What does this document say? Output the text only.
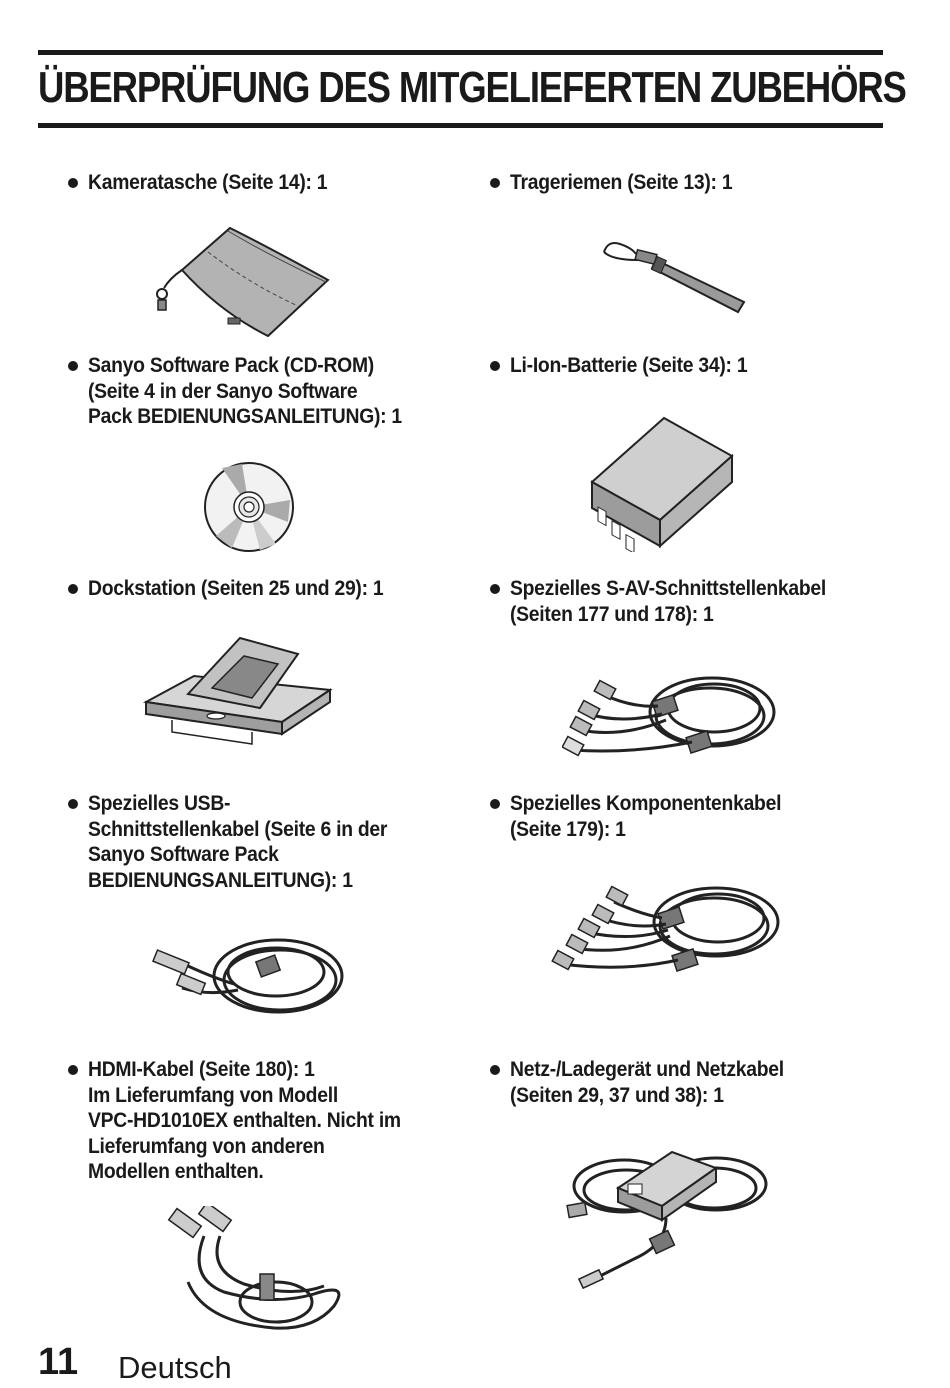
ÜBERPRÜFUNG DES MITGELIEFERTEN ZUBEHÖRS
Kameratasche (Seite 14): 1	Trageriemen (Seite 13): 1
Sanyo Software Pack (CD-ROM)
(Seite 4 in der Sanyo Software
Pack BEDIENUNGSANLEITUNG): 1
Li-Ion-Batterie (Seite 34): 1
Dockstation (Seiten 25 und 29): 1	Spezielles S-AV-Schnittstellenkabel
(Seiten 177 und 178): 1
Spezielles USB-
Schnittstellenkabel (Seite 6 in der
Sanyo Software Pack
BEDIENUNGSANLEITUNG): 1
Spezielles Komponentenkabel
(Seite 179): 1
HDMI-Kabel (Seite 180): 1
Im Lieferumfang von Modell
VPC-HD1010EX enthalten. Nicht im
Lieferumfang von anderen
Modellen enthalten.
Netz-/Ladegerät und Netzkabel
(Seiten 29, 37 und 38): 1
11 Deutsch
